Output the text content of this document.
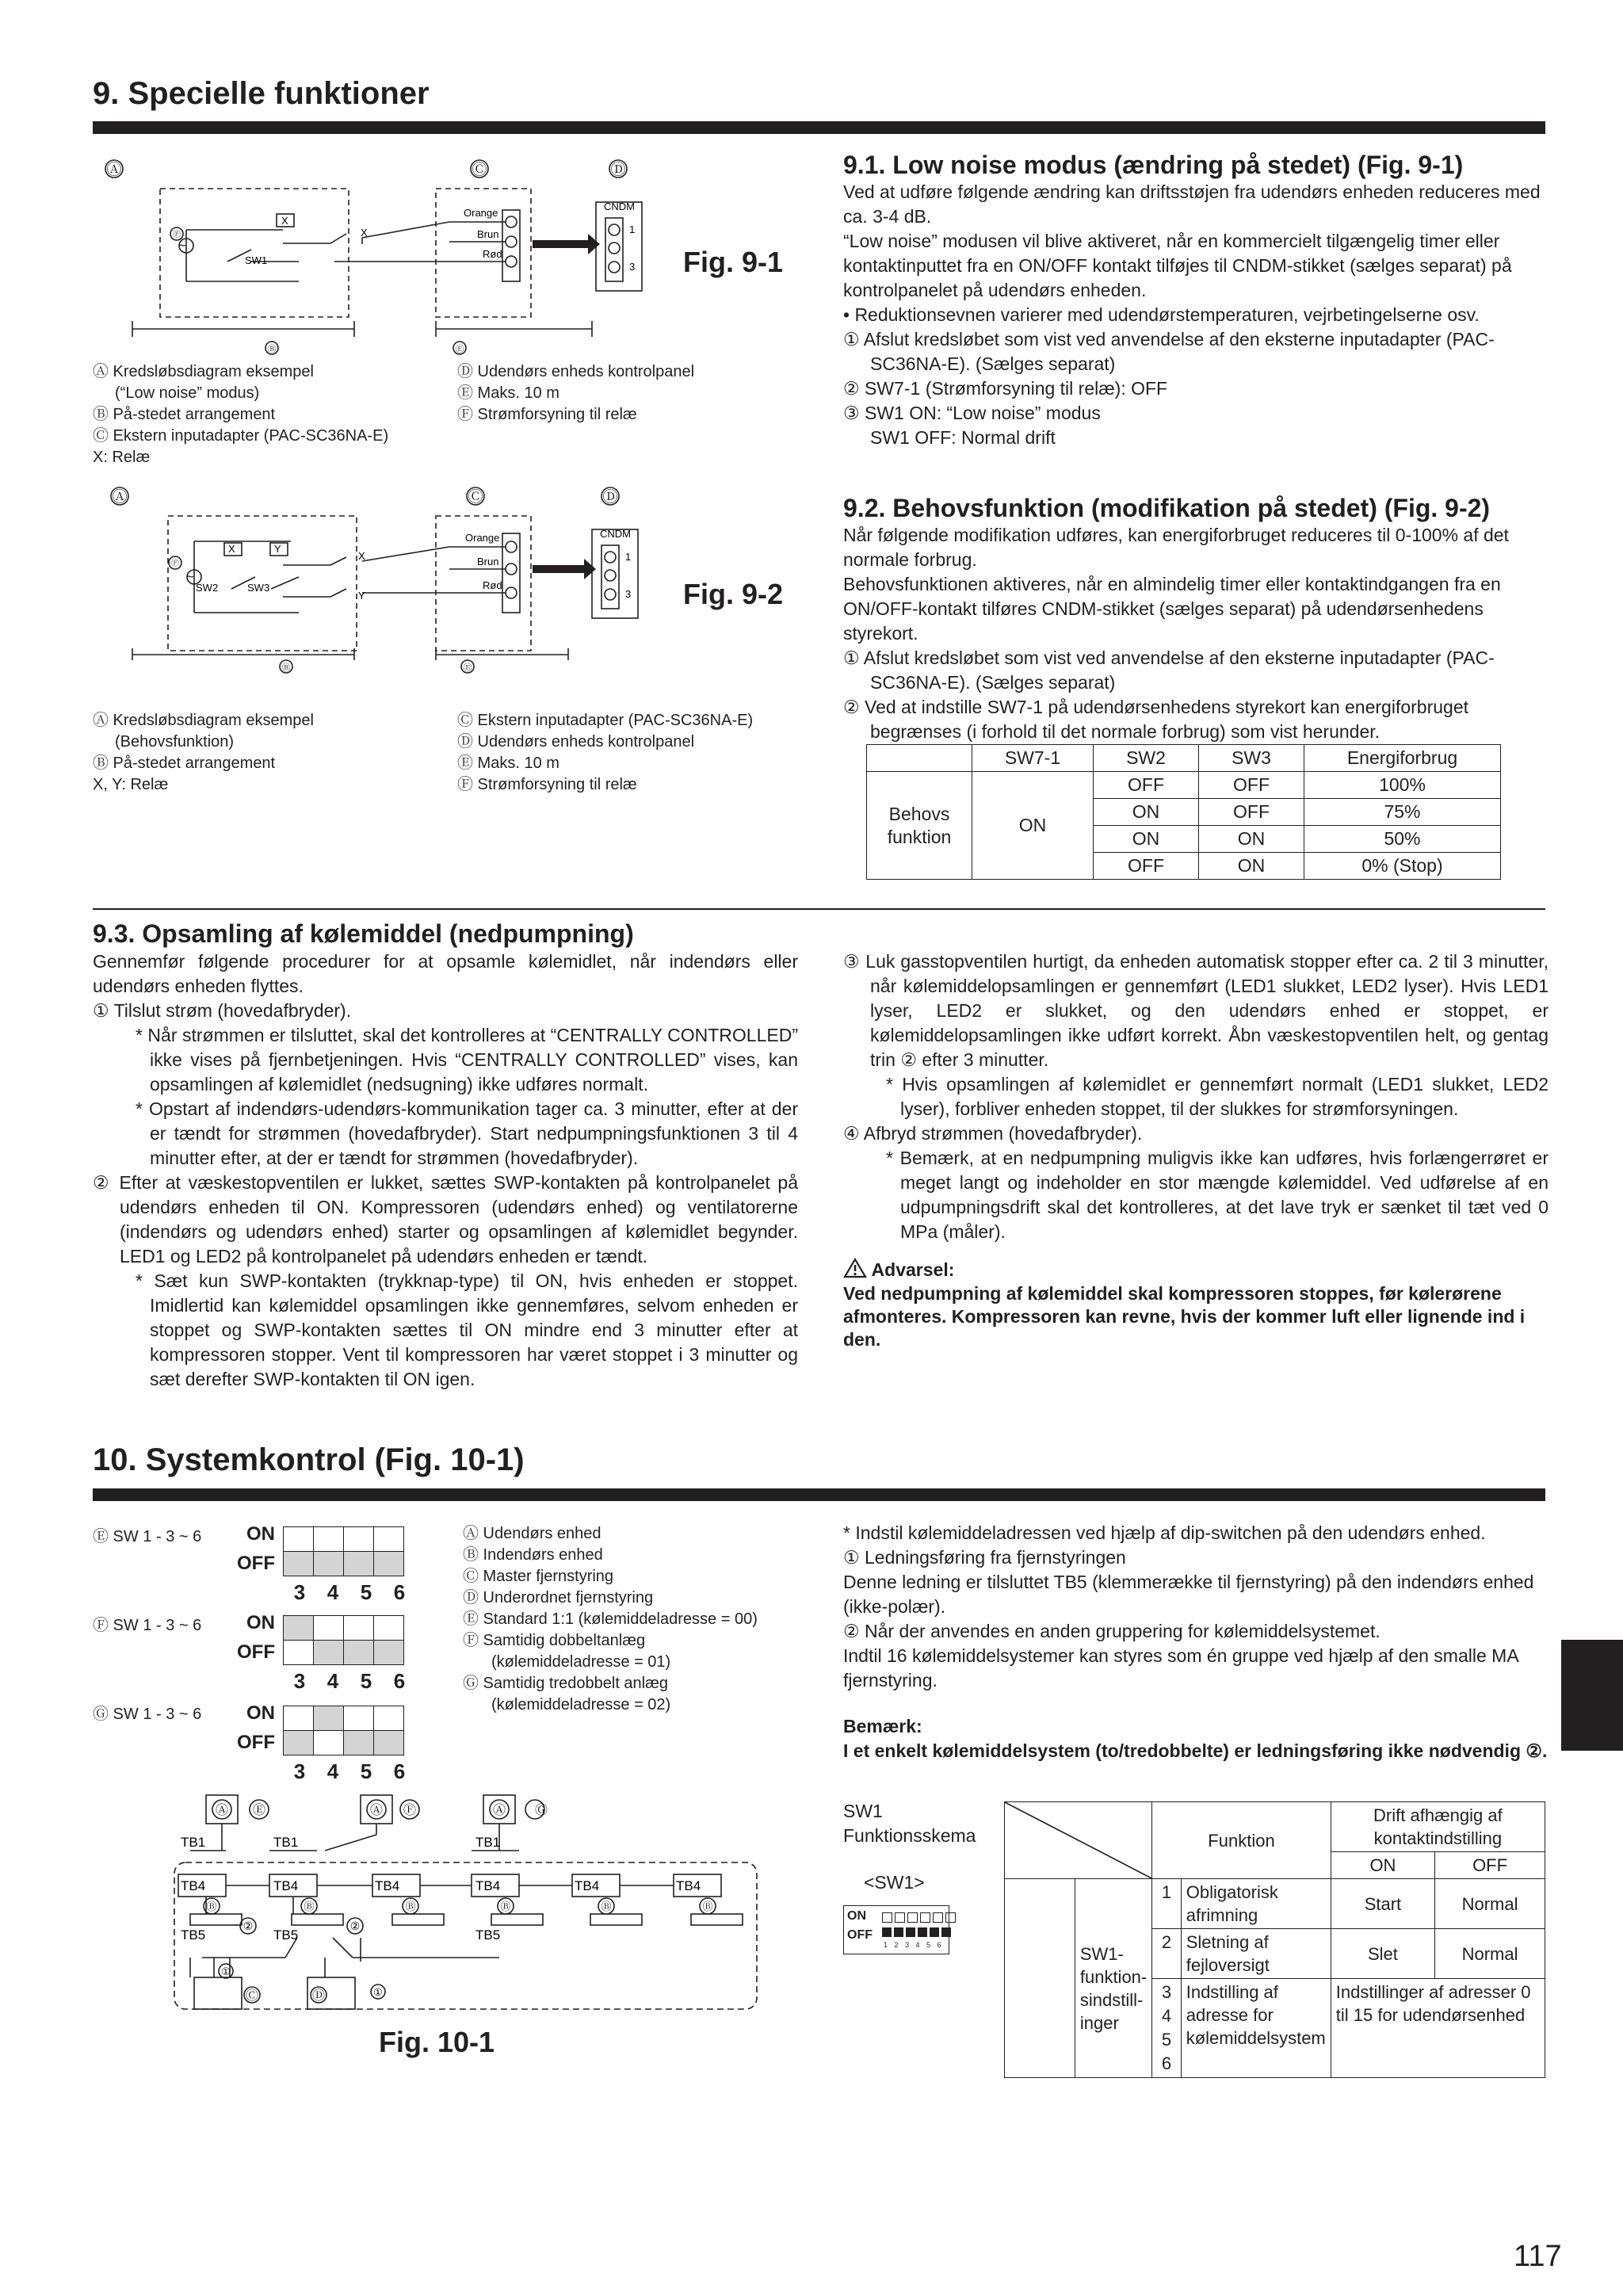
9. Specielle funktioner
Ⓐ	Ⓒ	Ⓓ
Ⓑ	Ⓔ
Ⓕ
Orange
Brun
Rød
CNDM
1
3
SW1
X
X
~	Fig. 9-1
Ⓐ Kredsløbsdiagram eksempel
(“Low noise” modus)
Ⓑ På-stedet arrangement
Ⓒ Ekstern inputadapter (PAC-SC36NA-E)
X: Relæ
Ⓓ Udendørs enheds kontrolpanel
Ⓔ Maks. 10 m
Ⓕ Strømforsyning til relæ
Ⓐ	Ⓒ	Ⓓ
Ⓑ	Ⓔ
Ⓕ
Orange
Brun
Rød
CNDM
1
3
SW2	SW3
X	Y
X
Y
~
Fig. 9-2
Ⓐ Kredsløbsdiagram eksempel
(Behovsfunktion)
Ⓑ På-stedet arrangement
X, Y: Relæ
Ⓒ Ekstern inputadapter (PAC-SC36NA-E)
Ⓓ Udendørs enheds kontrolpanel
Ⓔ Maks. 10 m
Ⓕ Strømforsyning til relæ
9.1. Low noise modus (ændring på stedet) (Fig. 9-1)
Ved at udføre følgende ændring kan driftsstøjen fra udendørs enheden reduceres med ca. 3-4 dB.
“Low noise” modusen vil blive aktiveret, når en kommercielt tilgængelig timer eller kontaktinputtet fra en ON/OFF kontakt tilføjes til CNDM-stikket (sælges separat) på kontrolpanelet på udendørs enheden.
• Reduktionsevnen varierer med udendørstemperaturen, vejrbetingelserne osv.
① Afslut kredsløbet som vist ved anvendelse af den eksterne inputadapter (PAC-SC36NA-E). (Sælges separat)
② SW7-1 (Strømforsyning til relæ): OFF
③ SW1 ON: “Low noise” modus
SW1 OFF: Normal drift
9.2. Behovsfunktion (modifikation på stedet) (Fig. 9-2)
Når følgende modifikation udføres, kan energiforbruget reduceres til 0-100% af det normale forbrug.
Behovsfunktionen aktiveres, når en almindelig timer eller kontaktindgangen fra en ON/OFF-kontakt tilføres CNDM-stikket (sælges separat) på udendørsenhedens styrekort.
① Afslut kredsløbet som vist ved anvendelse af den eksterne inputadapter (PAC-SC36NA-E). (Sælges separat)
② Ved at indstille SW7-1 på udendørsenhedens styrekort kan energiforbruget begrænses (i forhold til det normale forbrug) som vist herunder.
	SW7-1	SW2	SW3	Energiforbrug
Behovs funktion	ON	OFF	OFF	100%
		ON	OFF	75%
		ON	ON	50%
		OFF	ON	0% (Stop)
9.3. Opsamling af kølemiddel (nedpumpning)
Gennemfør følgende procedurer for at opsamle kølemidlet, når indendørs eller udendørs enheden flyttes.
① Tilslut strøm (hovedafbryder).
* Når strømmen er tilsluttet, skal det kontrolleres at “CENTRALLY CONTROLLED” ikke vises på fjernbetjeningen. Hvis “CENTRALLY CONTROLLED” vises, kan opsamlingen af kølemidlet (nedsugning) ikke udføres normalt.
* Opstart af indendørs-udendørs-kommunikation tager ca. 3 minutter, efter at der er tændt for strømmen (hovedafbryder). Start nedpumpningsfunktionen 3 til 4 minutter efter, at der er tændt for strømmen (hovedafbryder).
② Efter at væskestopventilen er lukket, sættes SWP-kontakten på kontrolpanelet på udendørs enheden til ON. Kompressoren (udendørs enhed) og ventilatorerne (indendørs og udendørs enhed) starter og opsamlingen af kølemidlet begynder. LED1 og LED2 på kontrolpanelet på udendørs enheden er tændt.
* Sæt kun SWP-kontakten (trykknap-type) til ON, hvis enheden er stoppet. Imidlertid kan kølemiddel opsamlingen ikke gennemføres, selvom enheden er stoppet og SWP-kontakten sættes til ON mindre end 3 minutter efter at kompressoren stopper. Vent til kompressoren har været stoppet i 3 minutter og sæt derefter SWP-kontakten til ON igen.
③ Luk gasstopventilen hurtigt, da enheden automatisk stopper efter ca. 2 til 3 minutter, når kølemiddelopsamlingen er gennemført (LED1 slukket, LED2 lyser). Hvis LED1 lyser, LED2 er slukket, og den udendørs enhed er stoppet, er kølemiddelopsamlingen ikke udført korrekt. Åbn væskestopventilen helt, og gentag trin ② efter 3 minutter.
* Hvis opsamlingen af kølemidlet er gennemført normalt (LED1 slukket, LED2 lyser), forbliver enheden stoppet, til der slukkes for strømforsyningen.
④ Afbryd strømmen (hovedafbryder).
* Bemærk, at en nedpumpning muligvis ikke kan udføres, hvis forlængerrøret er meget langt og indeholder en stor mængde kølemiddel. Ved udførelse af en udpumpningsdrift skal det kontrolleres, at det lave tryk er sænket til tæt ved 0 MPa (måler).
Advarsel:
Ved nedpumpning af kølemiddel skal kompressoren stoppes, før kølerørene afmonteres. Kompressoren kan revne, hvis der kommer luft eller lignende ind i den.
10. Systemkontrol (Fig. 10-1)
Ⓔ SW 1 - 3 ~ 6	ON
OFF

3	4	5	6
Ⓕ SW 1 - 3 ~ 6	ON
OFF

3	4	5	6
Ⓖ SW 1 - 3 ~ 6	ON
OFF

3	4	5	6
Ⓐ Udendørs enhed
Ⓑ Indendørs enhed
Ⓒ Master fjernstyring
Ⓓ Underordnet fjernstyring
Ⓔ Standard 1:1 (kølemiddeladresse = 00)
Ⓕ Samtidig dobbeltanlæg
(kølemiddeladresse = 01)
Ⓖ Samtidig tredobbelt anlæg
(kølemiddeladresse = 02)
Ⓐ	Ⓐ	Ⓐ
Ⓔ	Ⓕ	Ⓖ
TB1	TB1	TB1
TB4	TB4	TB4	TB4	TB4	TB4
TB5	TB5	TB5
Ⓑ	Ⓑ	Ⓑ	Ⓑ	Ⓑ	Ⓑ
Ⓒ	Ⓓ
②	②
①
①
Fig. 10-1
* Indstil kølemiddeladressen ved hjælp af dip-switchen på den udendørs enhed.
① Ledningsføring fra fjernstyringen
Denne ledning er tilsluttet TB5 (klemmerække til fjernstyring) på den indendørs enhed (ikke-polær).
② Når der anvendes en anden gruppering for kølemiddelsystemet.
Indtil 16 kølemiddelsystemer kan styres som én gruppe ved hjælp af den smalle MA fjernstyring.
Bemærk:
I et enkelt kølemiddelsystem (to/tredobbelte) er ledningsføring ikke nødvendig ②.
SW1
Funktionsskema
<SW1>
ON
OFF
1 2 3 4 5 6
	Funktion		Drift afhængig af kontaktindstilling	
				ON	OFF
	SW1-funktion-sindstill-inger	1	Obligatorisk afrimning	Start	Normal
		2	Sletning af fejloversigt	Slet	Normal

		3
4
5
6	Indstilling af adresse for kølemiddelsystem	Indstillinger af adresser 0 til 15 for udendørsenhed	
117
